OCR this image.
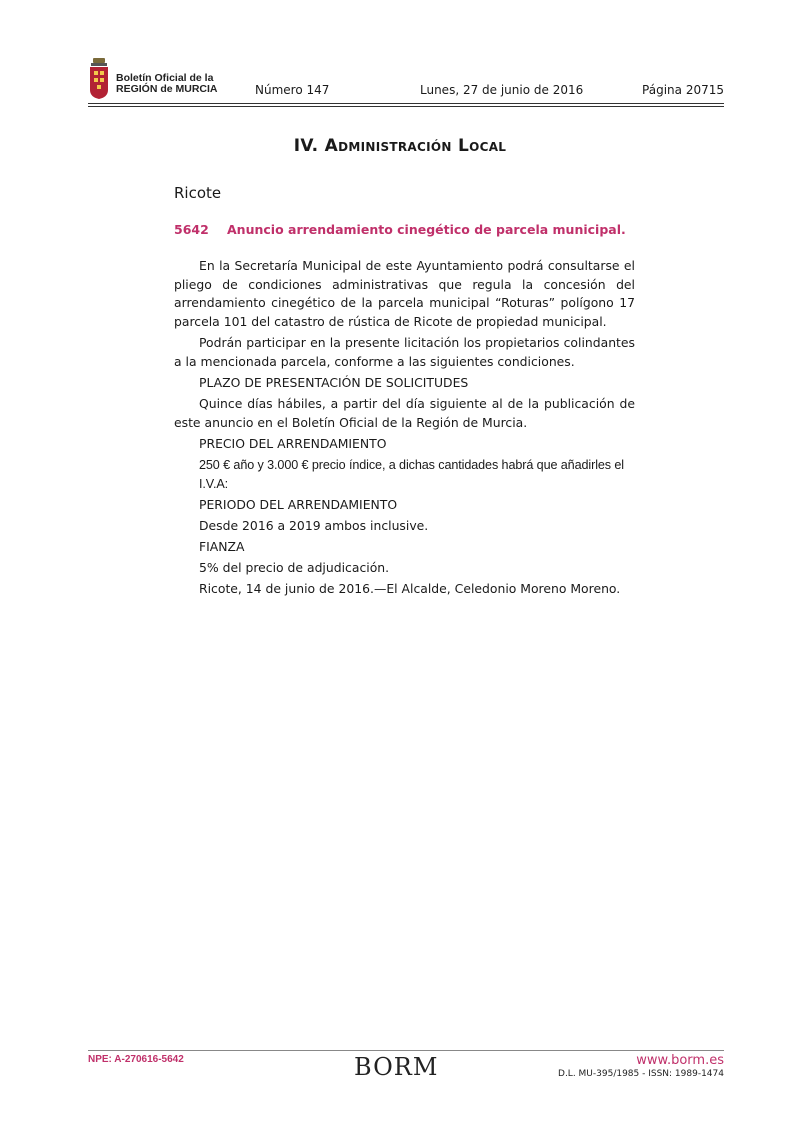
Boletín Oficial de la
REGIÓN de MURCIA	Número 147	Lunes, 27 de junio de 2016	Página 20715
IV. Administración Local
Ricote
5642 Anuncio arrendamiento cinegético de parcela municipal.

En la Secretaría Municipal de este Ayuntamiento podrá consultarse el pliego de condiciones administrativas que regula la concesión del arrendamiento cinegético de la parcela municipal “Roturas” polígono 17 parcela 101 del catastro de rústica de Ricote de propiedad municipal.

Podrán participar en la presente licitación los propietarios colindantes a la mencionada parcela, conforme a las siguientes condiciones.

PLAZO DE PRESENTACIÓN DE SOLICITUDES

Quince días hábiles, a partir del día siguiente al de la publicación de este anuncio en el Boletín Oficial de la Región de Murcia.

PRECIO DEL ARRENDAMIENTO

250 € año y 3.000 € precio índice, a dichas cantidades habrá que añadirles el I.V.A:

PERIODO DEL ARRENDAMIENTO

Desde 2016 a 2019 ambos inclusive.

FIANZA

5% del precio de adjudicación.

Ricote, 14 de junio de 2016.—El Alcalde, Celedonio Moreno Moreno.

NPE: A-270616-5642	BORM	www.borm.es
D.L. MU-395/1985 - ISSN: 1989-1474
